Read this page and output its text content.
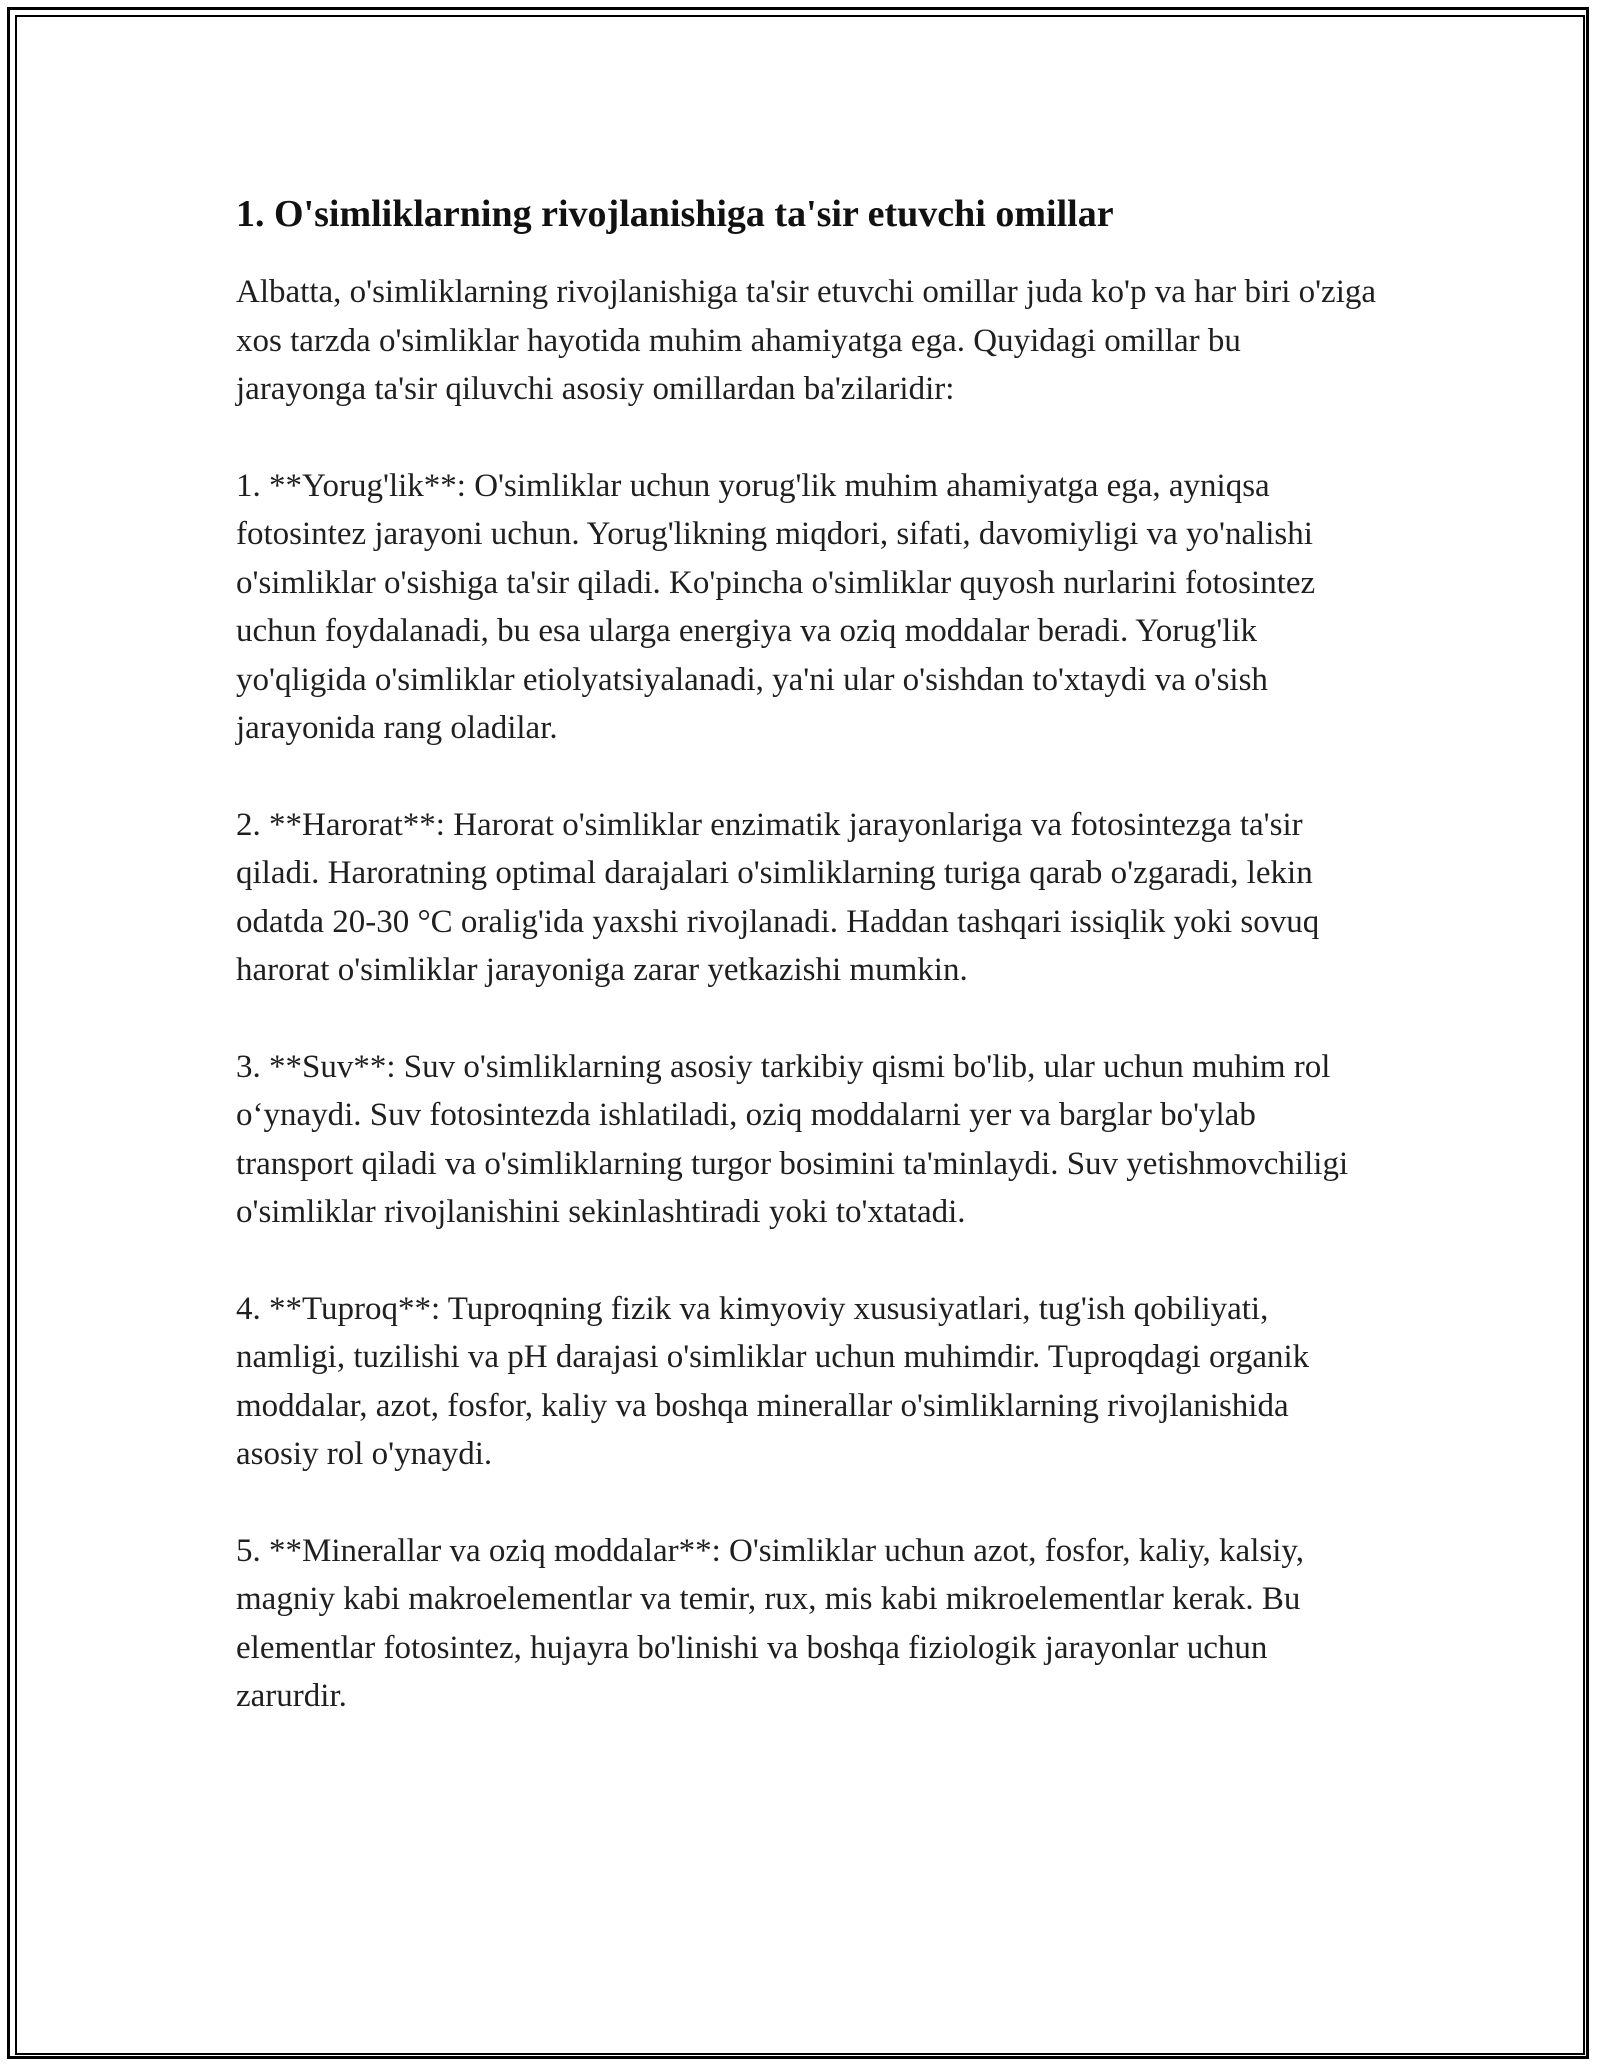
1. O'simliklarning rivojlanishiga ta'sir etuvchi omillar

Albatta, o'simliklarning rivojlanishiga ta'sir etuvchi omillar juda ko'p va har biri o'ziga xos tarzda o'simliklar hayotida muhim ahamiyatga ega. Quyidagi omillar bu jarayonga ta'sir qiluvchi asosiy omillardan ba'zilaridir:

1. **Yorug'lik**: O'simliklar uchun yorug'lik muhim ahamiyatga ega, ayniqsa fotosintez jarayoni uchun. Yorug'likning miqdori, sifati, davomiyligi va yo'nalishi o'simliklar o'sishiga ta'sir qiladi. Ko'pincha o'simliklar quyosh nurlarini fotosintez uchun foydalanadi, bu esa ularga energiya va oziq moddalar beradi. Yorug'lik yo'qligida o'simliklar etiolyatsiyalanadi, ya'ni ular o'sishdan to'xtaydi va o'sish jarayonida rang oladilar.

2. **Harorat**: Harorat o'simliklar enzimatik jarayonlariga va fotosintezga ta'sir qiladi. Haroratning optimal darajalari o'simliklarning turiga qarab o'zgaradi, lekin odatda 20-30 °C oralig'ida yaxshi rivojlanadi. Haddan tashqari issiqlik yoki sovuq harorat o'simliklar jarayoniga zarar yetkazishi mumkin.

3. **Suv**: Suv o'simliklarning asosiy tarkibiy qismi bo'lib, ular uchun muhim rol o‘ynaydi. Suv fotosintezda ishlatiladi, oziq moddalarni yer va barglar bo'ylab transport qiladi va o'simliklarning turgor bosimini ta'minlaydi. Suv yetishmovchiligi o'simliklar rivojlanishini sekinlashtiradi yoki to'xtatadi.

4. **Tuproq**: Tuproqning fizik va kimyoviy xususiyatlari, tug'ish qobiliyati, namligi, tuzilishi va pH darajasi o'simliklar uchun muhimdir. Tuproqdagi organik moddalar, azot, fosfor, kaliy va boshqa minerallar o'simliklarning rivojlanishida asosiy rol o'ynaydi.

5. **Minerallar va oziq moddalar**: O'simliklar uchun azot, fosfor, kaliy, kalsiy, magniy kabi makroelementlar va temir, rux, mis kabi mikroelementlar kerak. Bu elementlar fotosintez, hujayra bo'linishi va boshqa fiziologik jarayonlar uchun zarurdir.
